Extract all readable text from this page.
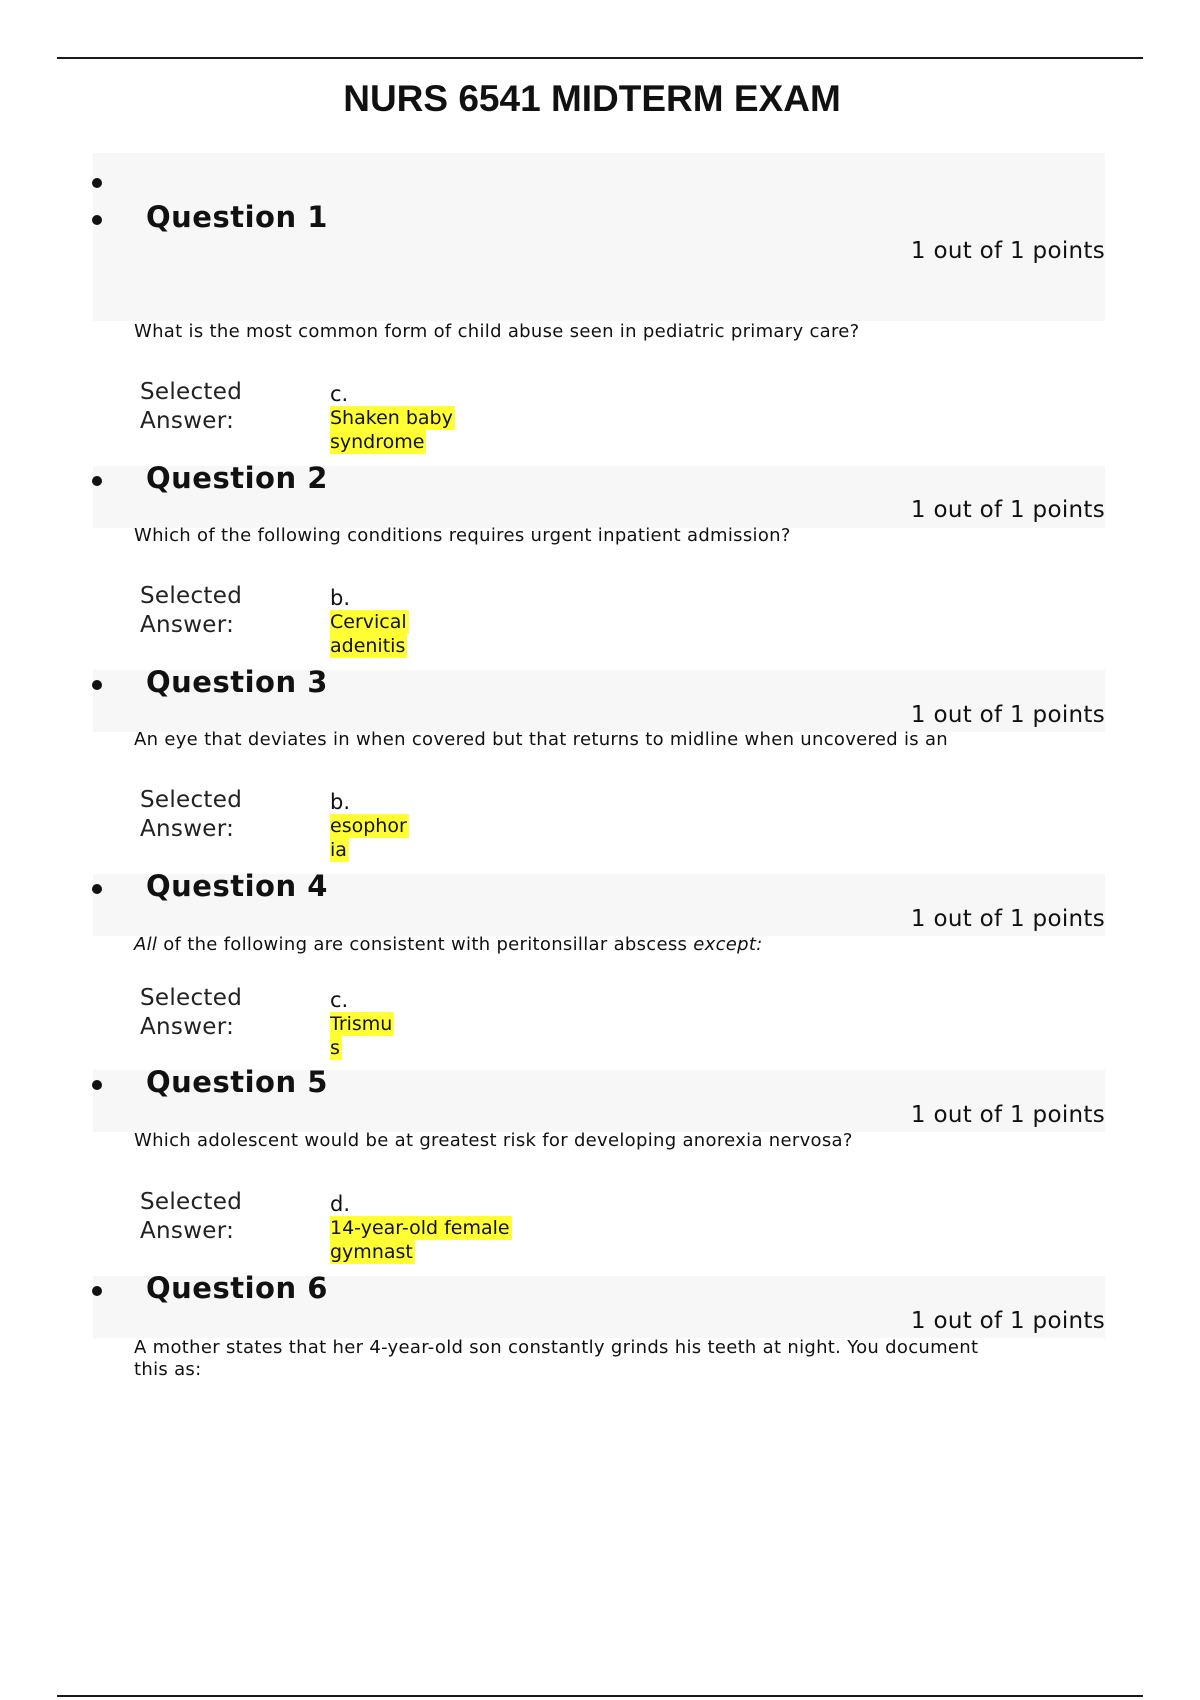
NURS 6541 MIDTERM EXAM
Question 1
1 out of 1 points
What is the most common form of child abuse seen in pediatric primary care?
Selected
Answer:
c.
Shaken baby
syndrome
Question 2
1 out of 1 points
Which of the following conditions requires urgent inpatient admission?
Selected
Answer:
b.
Cervical
adenitis
Question 3
1 out of 1 points
An eye that deviates in when covered but that returns to midline when uncovered is an
Selected
Answer:
b.
esophor
ia
Question 4
1 out of 1 points
All of the following are consistent with peritonsillar abscess except:
Selected
Answer:
c.
Trismu
s
Question 5
1 out of 1 points
Which adolescent would be at greatest risk for developing anorexia nervosa?
Selected
Answer:
d.
14-year-old female
gymnast
Question 6
1 out of 1 points
A mother states that her 4-year-old son constantly grinds his teeth at night. You document
this as:
